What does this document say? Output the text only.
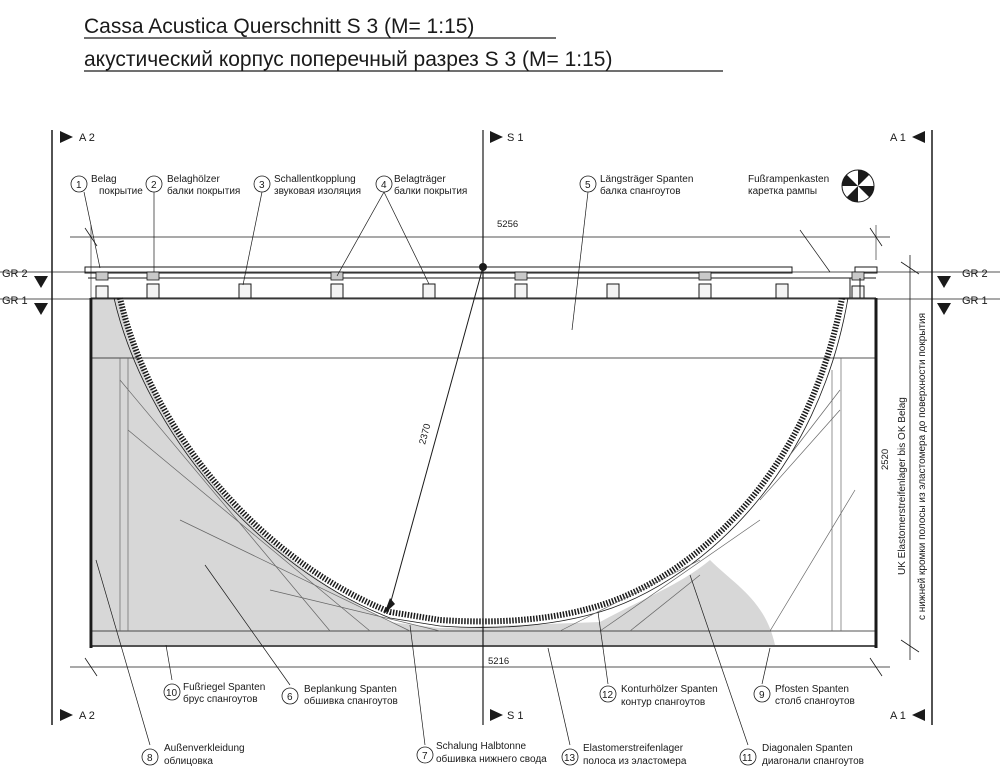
Cassa Acustica Querschnitt S 3 (M= 1:15)
акустический корпус поперечный разрез S 3 (M= 1:15)
A 2	S 1	A 1
A 2	S 1	A 1
GR 2
GR 1
GR 2
GR 1
2370
5256
5216
2520 UK Elastomerstreifenlager bis OK Belag с нижней кромки полосы из эластомера до поверхности покрытия
1
Belag
покрытие
2
Belaghölzer
балки покрытия
3
Schallentkopplung
звуковая изоляция
4
Belagträger
балки покрытия
5
Längsträger Spanten
балка спангоутов
Fußrampenkasten
каретка рампы
10
Fußriegel Spanten
брус спангоутов	6
Beplankung Spanten
обшивка спангоутов
12
Konturhölzer Spanten
контур спангоутов
9
Pfosten Spanten
столб спангоутов
8
Außenverkleidung
облицовка	7
Schalung Halbtonne
обшивка нижнего свода 13
Elastomerstreifenlager
полоса из эластомера	11
Diagonalen Spanten
диагонали спангоутов
